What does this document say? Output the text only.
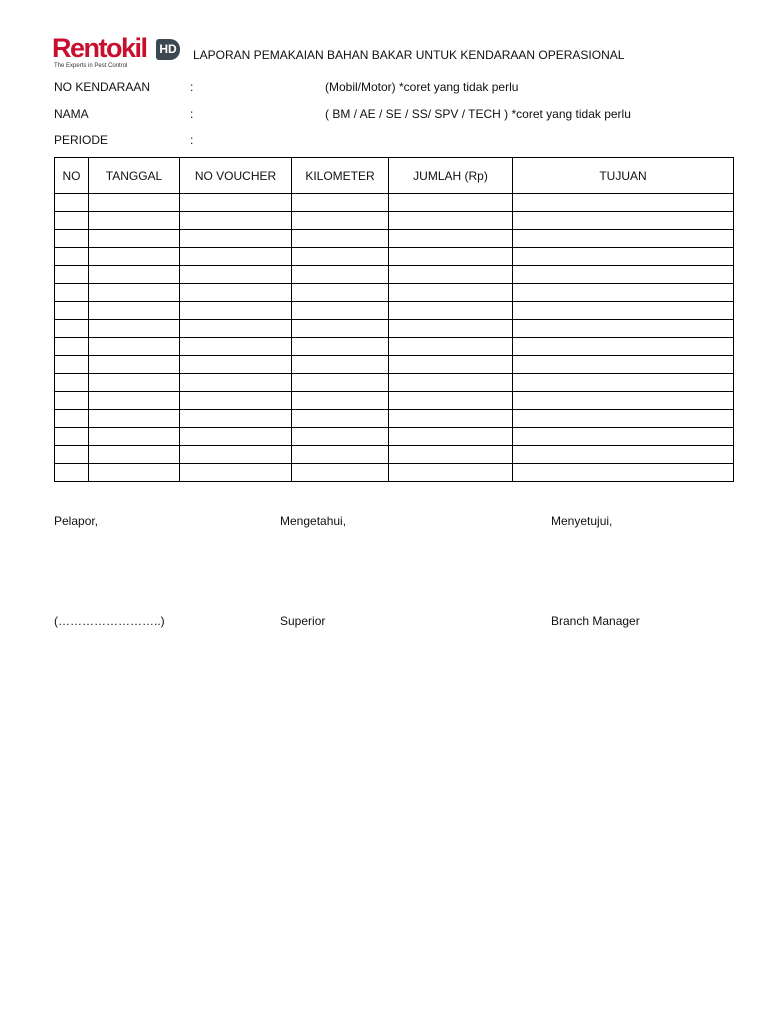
Rentokil
The Experts in Pest Control
HD LAPORAN PEMAKAIAN BAHAN BAKAR UNTUK KENDARAAN OPERASIONAL
NO KENDARAAN	:	(Mobil/Motor) *coret yang tidak perlu
NAMA	:	( BM / AE / SE / SS/ SPV / TECH ) *coret yang tidak perlu
PERIODE	:
NO	TANGGAL	NO VOUCHER	KILOMETER	JUMLAH (Rp)	TUJUAN

Pelapor,	Mengetahui,	Menyetujui,
(……………………..)	Superior	Branch Manager
